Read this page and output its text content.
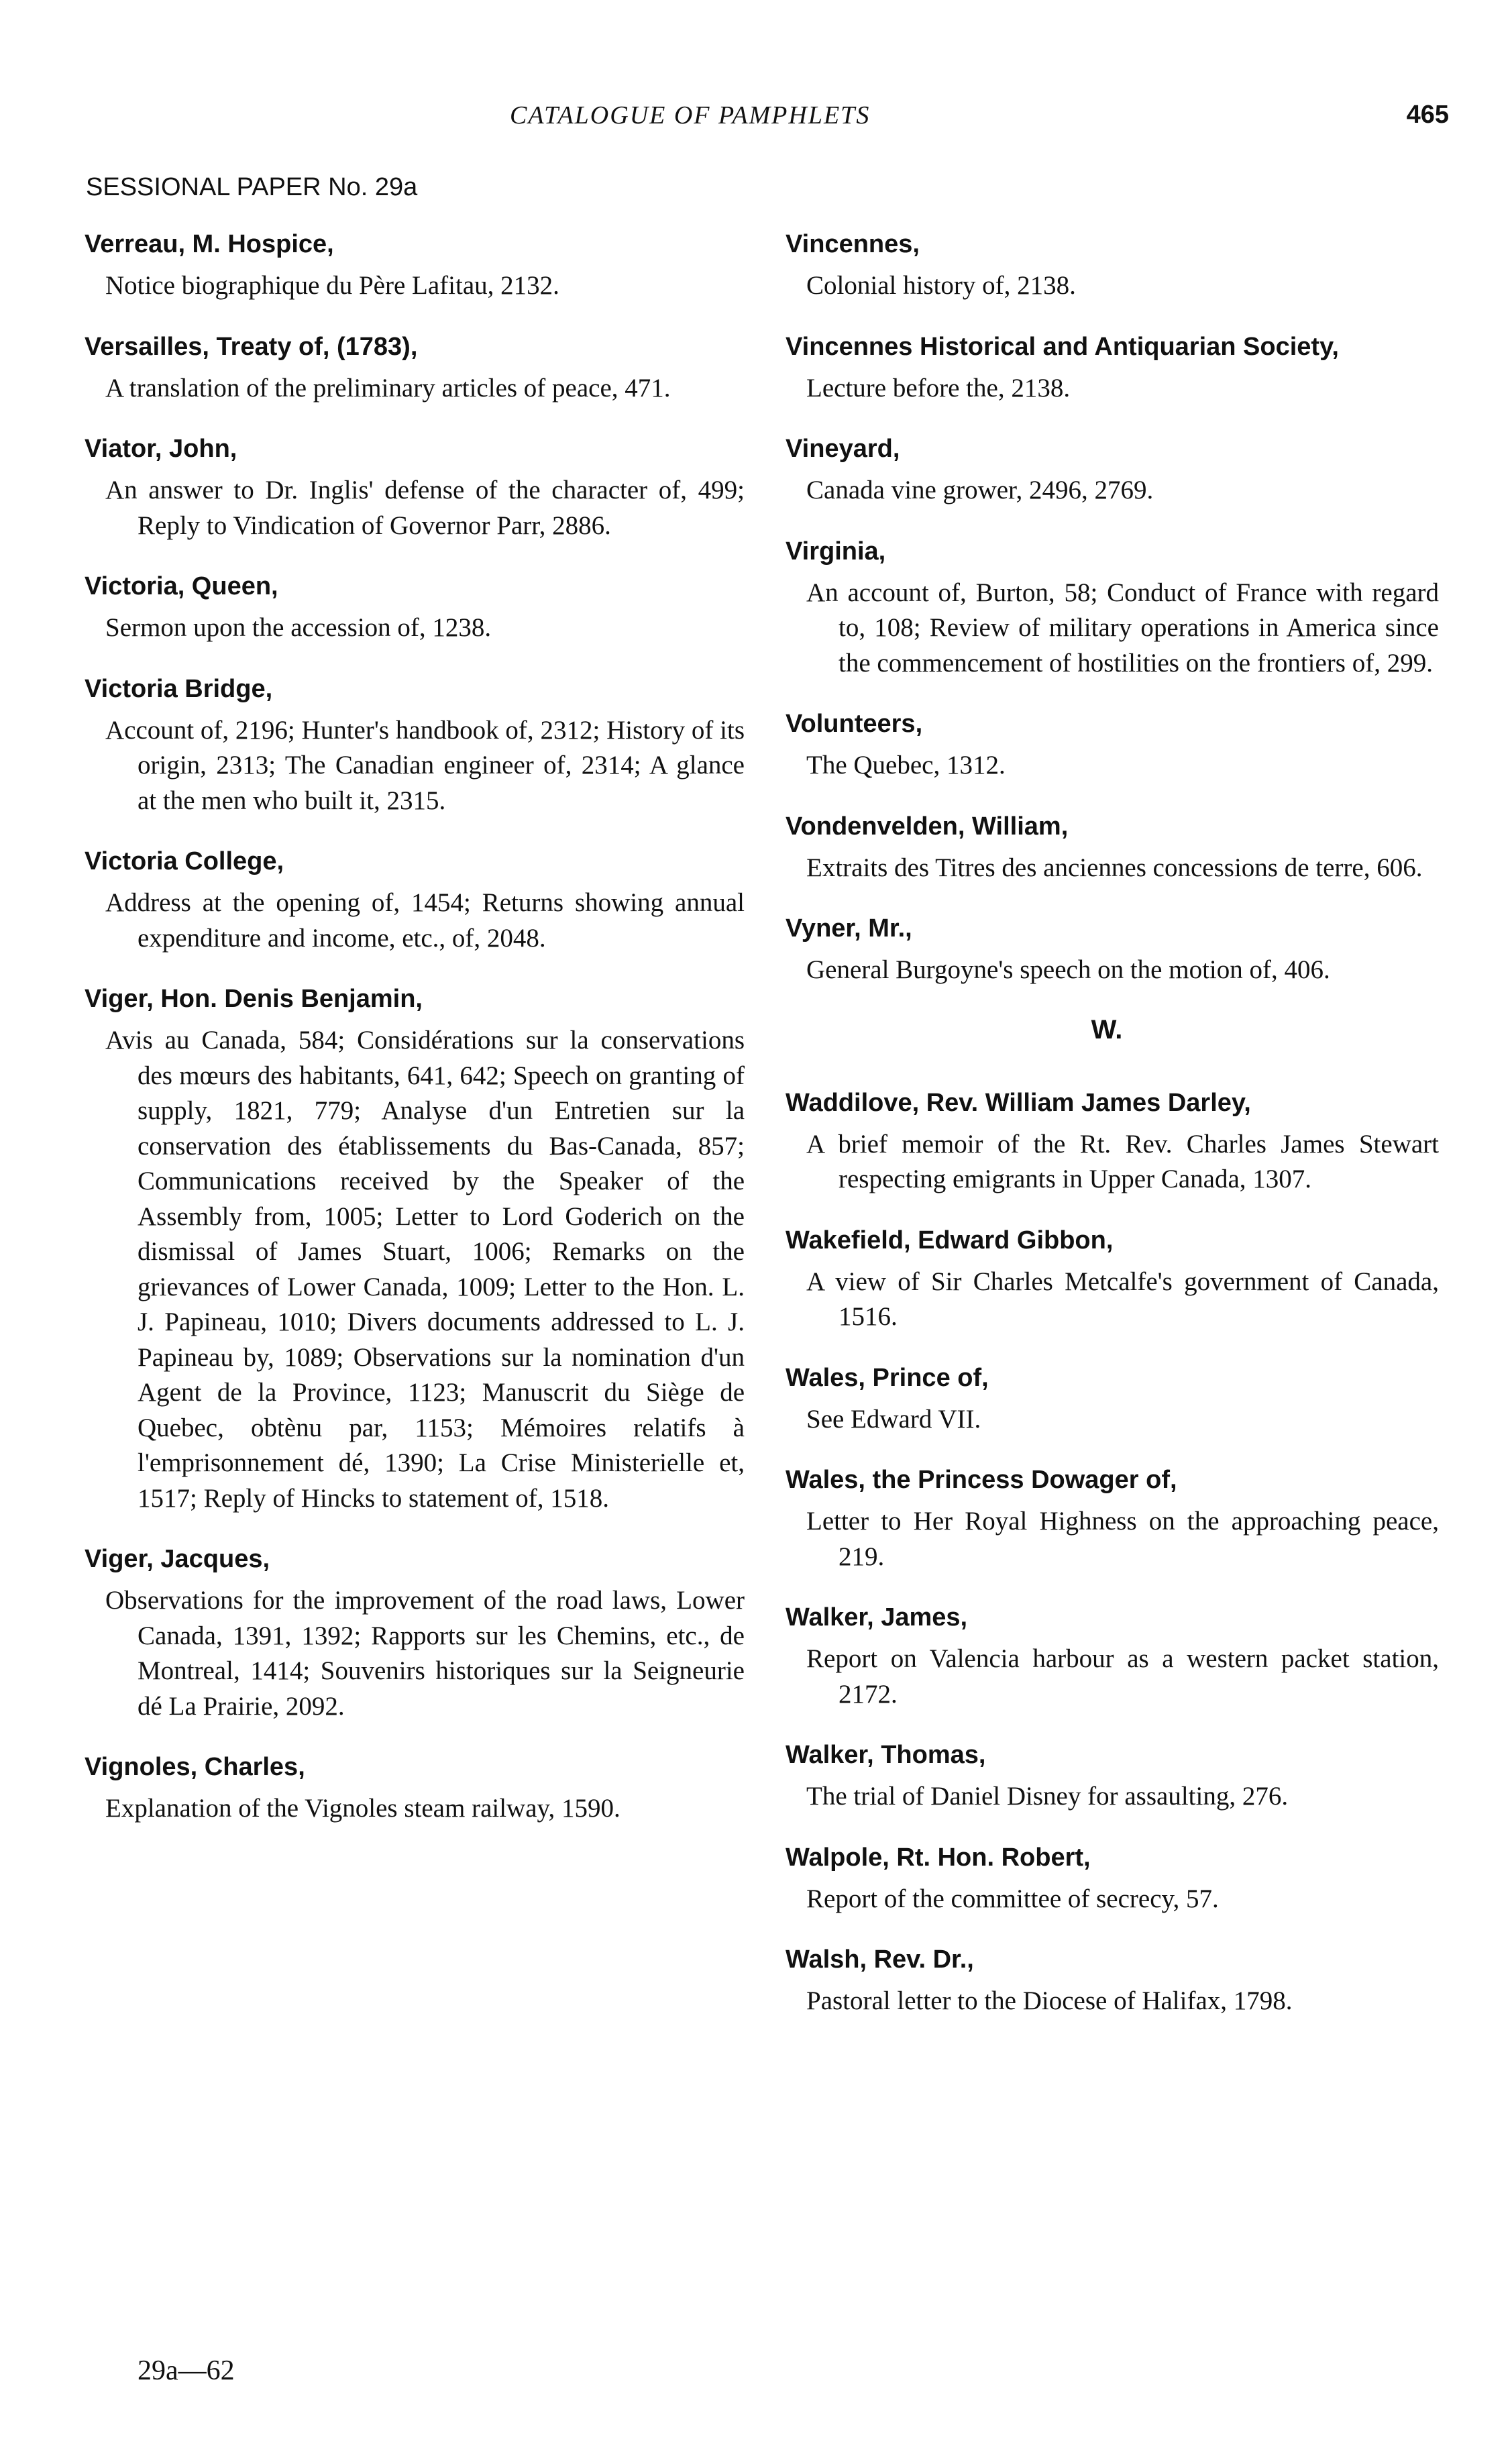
CATALOGUE OF PAMPHLETS	465
SESSIONAL PAPER No. 29a
Verreau, M. Hospice,
Notice biographique du Père Lafitau, 2132.
Versailles, Treaty of, (1783),
A translation of the preliminary articles of peace, 471.
Viator, John,
An answer to Dr. Inglis' defense of the character of, 499; Reply to Vindication of Governor Parr, 2886.
Victoria, Queen,
Sermon upon the accession of, 1238.
Victoria Bridge,
Account of, 2196; Hunter's handbook of, 2312; History of its origin, 2313; The Canadian engineer of, 2314; A glance at the men who built it, 2315.
Victoria College,
Address at the opening of, 1454; Returns showing annual expenditure and income, etc., of, 2048.
Viger, Hon. Denis Benjamin,
Avis au Canada, 584; Considérations sur la conservations des mœurs des habitants, 641, 642; Speech on granting of supply, 1821, 779; Analyse d'un Entretien sur la conservation des établissements du Bas-Canada, 857; Communications received by the Speaker of the Assembly from, 1005; Letter to Lord Goderich on the dismissal of James Stuart, 1006; Remarks on the grievances of Lower Canada, 1009; Letter to the Hon. L. J. Papineau, 1010; Divers documents addressed to L. J. Papineau by, 1089; Observations sur la nomination d'un Agent de la Province, 1123; Manuscrit du Siège de Quebec, obtènu par, 1153; Mémoires relatifs à l'emprisonnement dé, 1390; La Crise Ministerielle et, 1517; Reply of Hincks to statement of, 1518.
Viger, Jacques,
Observations for the improvement of the road laws, Lower Canada, 1391, 1392; Rapports sur les Chemins, etc., de Montreal, 1414; Souvenirs historiques sur la Seigneurie dé La Prairie, 2092.
Vignoles, Charles,
Explanation of the Vignoles steam railway, 1590.
Vincennes,
Colonial history of, 2138.
Vincennes Historical and Antiquarian Society,
Lecture before the, 2138.
Vineyard,
Canada vine grower, 2496, 2769.
Virginia,
An account of, Burton, 58; Conduct of France with regard to, 108; Review of military operations in America since the commencement of hostilities on the frontiers of, 299.
Volunteers,
The Quebec, 1312.
Vondenvelden, William,
Extraits des Titres des anciennes concessions de terre, 606.
Vyner, Mr.,
General Burgoyne's speech on the motion of, 406.
W.
Waddilove, Rev. William James Darley,
A brief memoir of the Rt. Rev. Charles James Stewart respecting emigrants in Upper Canada, 1307.
Wakefield, Edward Gibbon,
A view of Sir Charles Metcalfe's government of Canada, 1516.
Wales, Prince of,
See Edward VII.
Wales, the Princess Dowager of,
Letter to Her Royal Highness on the approaching peace, 219.
Walker, James,
Report on Valencia harbour as a western packet station, 2172.
Walker, Thomas,
The trial of Daniel Disney for assaulting, 276.
Walpole, Rt. Hon. Robert,
Report of the committee of secrecy, 57.
Walsh, Rev. Dr.,
Pastoral letter to the Diocese of Halifax, 1798.
29a—62
